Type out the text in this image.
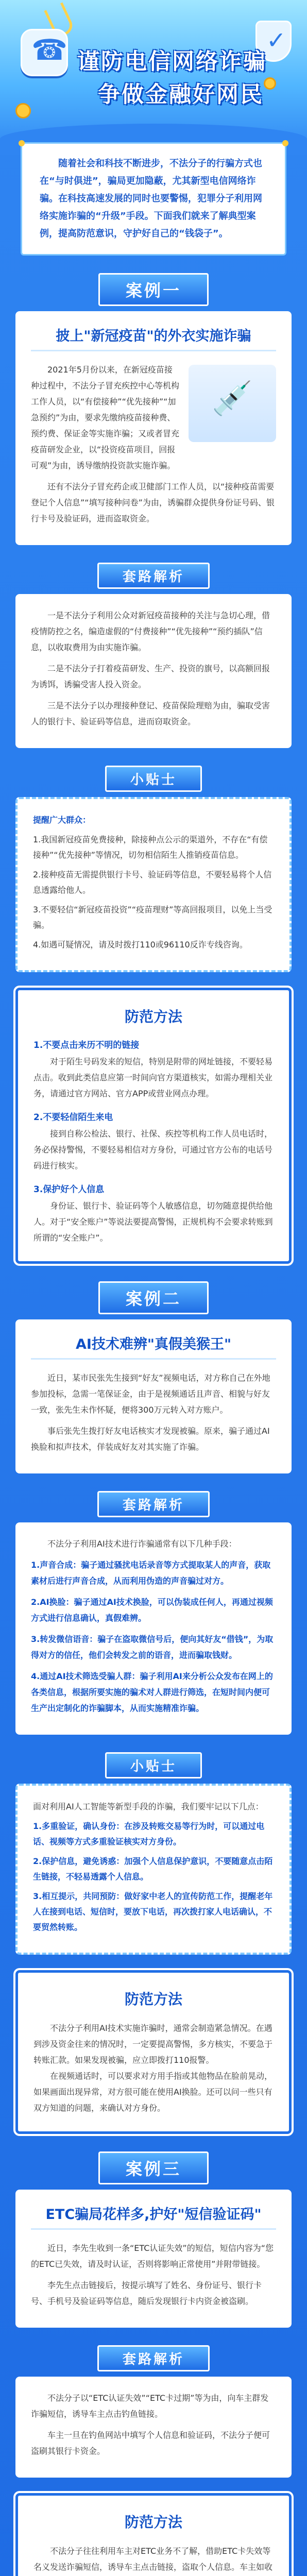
☎
✓
谨防电信网络诈骗
争做金融好网民
随着社会和科技不断进步，不法分子的行骗方式也在“与时俱进”，骗局更加隐蔽，尤其新型电信网络诈骗。在科技高速发展的同时也要警惕，犯罪分子利用网络实施诈骗的“升级”手段。下面我们就来了解典型案例，提高防范意识，守护好自己的“钱袋子”。
案例一
披上"新冠疫苗"的外衣实施诈骗
💉

2021年5月份以来，在新冠疫苗接种过程中，不法分子冒充疾控中心等机构工作人员，以“有偿接种”“优先接种”“加急预约”为由，要求先缴纳疫苗接种费、预约费、保证金等实施诈骗；又或者冒充疫苗研发企业，以“投资疫苗项目，回报可观”为由，诱导缴纳投资款实施诈骗。

还有不法分子冒充药企或卫健部门工作人员，以“接种疫苗需要登记个人信息”“填写接种问卷”为由，诱骗群众提供身份证号码、银行卡号及验证码，进而盗取资金。

套路解析

一是不法分子利用公众对新冠疫苗接种的关注与急切心理，借疫情防控之名，编造虚假的“付费接种”“优先接种”“预约插队”信息，以收取费用为由实施诈骗。

二是不法分子打着疫苗研发、生产、投资的旗号，以高额回报为诱饵，诱骗受害人投入资金。

三是不法分子以办理接种登记、疫苗保险理赔为由，骗取受害人的银行卡、验证码等信息，进而窃取资金。

小贴士

提醒广大群众：

1.我国新冠疫苗免费接种，除接种点公示的渠道外，不存在“有偿接种”“优先接种”等情况，切勿相信陌生人推销疫苗信息。

2.接种疫苗无需提供银行卡号、验证码等信息，不要轻易将个人信息透露给他人。

3.不要轻信“新冠疫苗投资”“疫苗理财”等高回报项目，以免上当受骗。

4.如遇可疑情况，请及时拨打110或96110反诈专线咨询。

防范方法
1.不要点击来历不明的链接

对于陌生号码发来的短信，特别是附带的网址链接，不要轻易点击。收到此类信息应第一时间向官方渠道核实，如需办理相关业务，请通过官方网站、官方APP或营业网点办理。

2.不要轻信陌生来电

接到自称公检法、银行、社保、疾控等机构工作人员电话时，务必保持警惕，不要轻易相信对方身份，可通过官方公布的电话号码进行核实。

3.保护好个人信息

身份证、银行卡、验证码等个人敏感信息，切勿随意提供给他人。对于“安全账户”等说法要提高警惕，正规机构不会要求转账到所谓的“安全账户”。

案例二
AI技术难辨"真假美猴王"

近日，某市民张先生接到“好友”视频电话，对方称自己在外地参加投标，急需一笔保证金，由于是视频通话且声音、相貌与好友一致，张先生未作怀疑，便将300万元转入对方账户。

事后张先生拨打好友电话核实才发现被骗。原来，骗子通过AI换脸和拟声技术，佯装成好友对其实施了诈骗。

套路解析

不法分子利用AI技术进行诈骗通常有以下几种手段：

1.声音合成：骗子通过骚扰电话录音等方式提取某人的声音，获取素材后进行声音合成，从而利用伪造的声音骗过对方。

2.AI换脸：骗子通过AI技术换脸，可以伪装成任何人，再通过视频方式进行信息确认，真假难辨。

3.转发微信语音：骗子在盗取微信号后，便向其好友“借钱”，为取得对方的信任，他们会转发之前的语音，进而骗取钱财。

4.通过AI技术筛选受骗人群：骗子利用AI来分析公众发布在网上的各类信息，根据所要实施的骗术对人群进行筛选，在短时间内便可生产出定制化的诈骗脚本，从而实施精准诈骗。

小贴士

面对利用AI人工智能等新型手段的诈骗，我们要牢记以下几点：

1.多重验证，确认身份：在涉及转账交易等行为时，可以通过电话、视频等方式多重验证核实对方身份。

2.保护信息，避免诱惑：加强个人信息保护意识，不要随意点击陌生链接，不轻易透露个人信息。

3.相互提示，共同预防：做好家中老人的宣传防范工作，提醒老年人在接到电话、短信时，要放下电话，再次拨打家人电话确认，不要贸然转账。

防范方法

不法分子利用AI技术实施诈骗时，通常会制造紧急情况。在遇到涉及资金往来的情况时，一定要提高警惕，多方核实，不要急于转账汇款。如果发现被骗，应立即拨打110报警。

在视频通话时，可以要求对方用手指或其他物品在脸前晃动，如果画面出现异常，对方很可能在使用AI换脸。还可以问一些只有双方知道的问题，来确认对方身份。

案例三
ETC骗局花样多,护好"短信验证码"

近日，李先生收到一条“ETC认证失效”的短信，短信内容为“您的ETC已失效，请及时认证，否则将影响正常使用”并附带链接。

李先生点击链接后，按提示填写了姓名、身份证号、银行卡号、手机号及验证码等信息，随后发现银行卡内资金被盗刷。

套路解析

不法分子以“ETC认证失效”“ETC卡过期”等为由，向车主群发诈骗短信，诱导车主点击钓鱼链接。

车主一旦在钓鱼网站中填写个人信息和验证码，不法分子便可盗刷其银行卡资金。

防范方法

不法分子往往利用车主对ETC业务不了解，借助ETC卡失效等名义发送诈骗短信，诱导车主点击链接，盗取个人信息。车主如收
